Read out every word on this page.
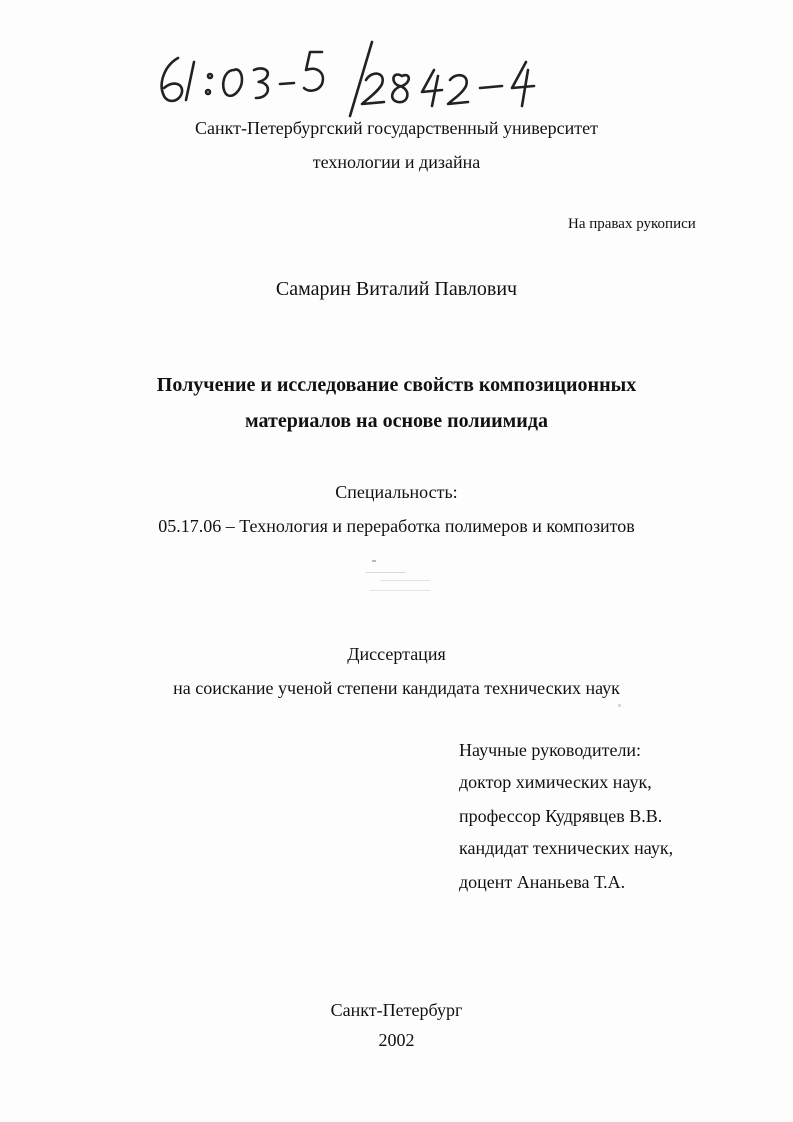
Санкт-Петербургский государственный университет
технологии и дизайна
На правах рукописи
Самарин Виталий Павлович
Получение и исследование свойств композиционных
материалов на основе полиимида
Специальность:
05.17.06 – Технология и переработка полимеров и композитов
Диссертация
на соискание ученой степени кандидата технических наук
Научные руководители:
доктор химических наук,
профессор Кудрявцев В.В.
кандидат технических наук,
доцент Ананьева Т.А.
Санкт-Петербург
2002
